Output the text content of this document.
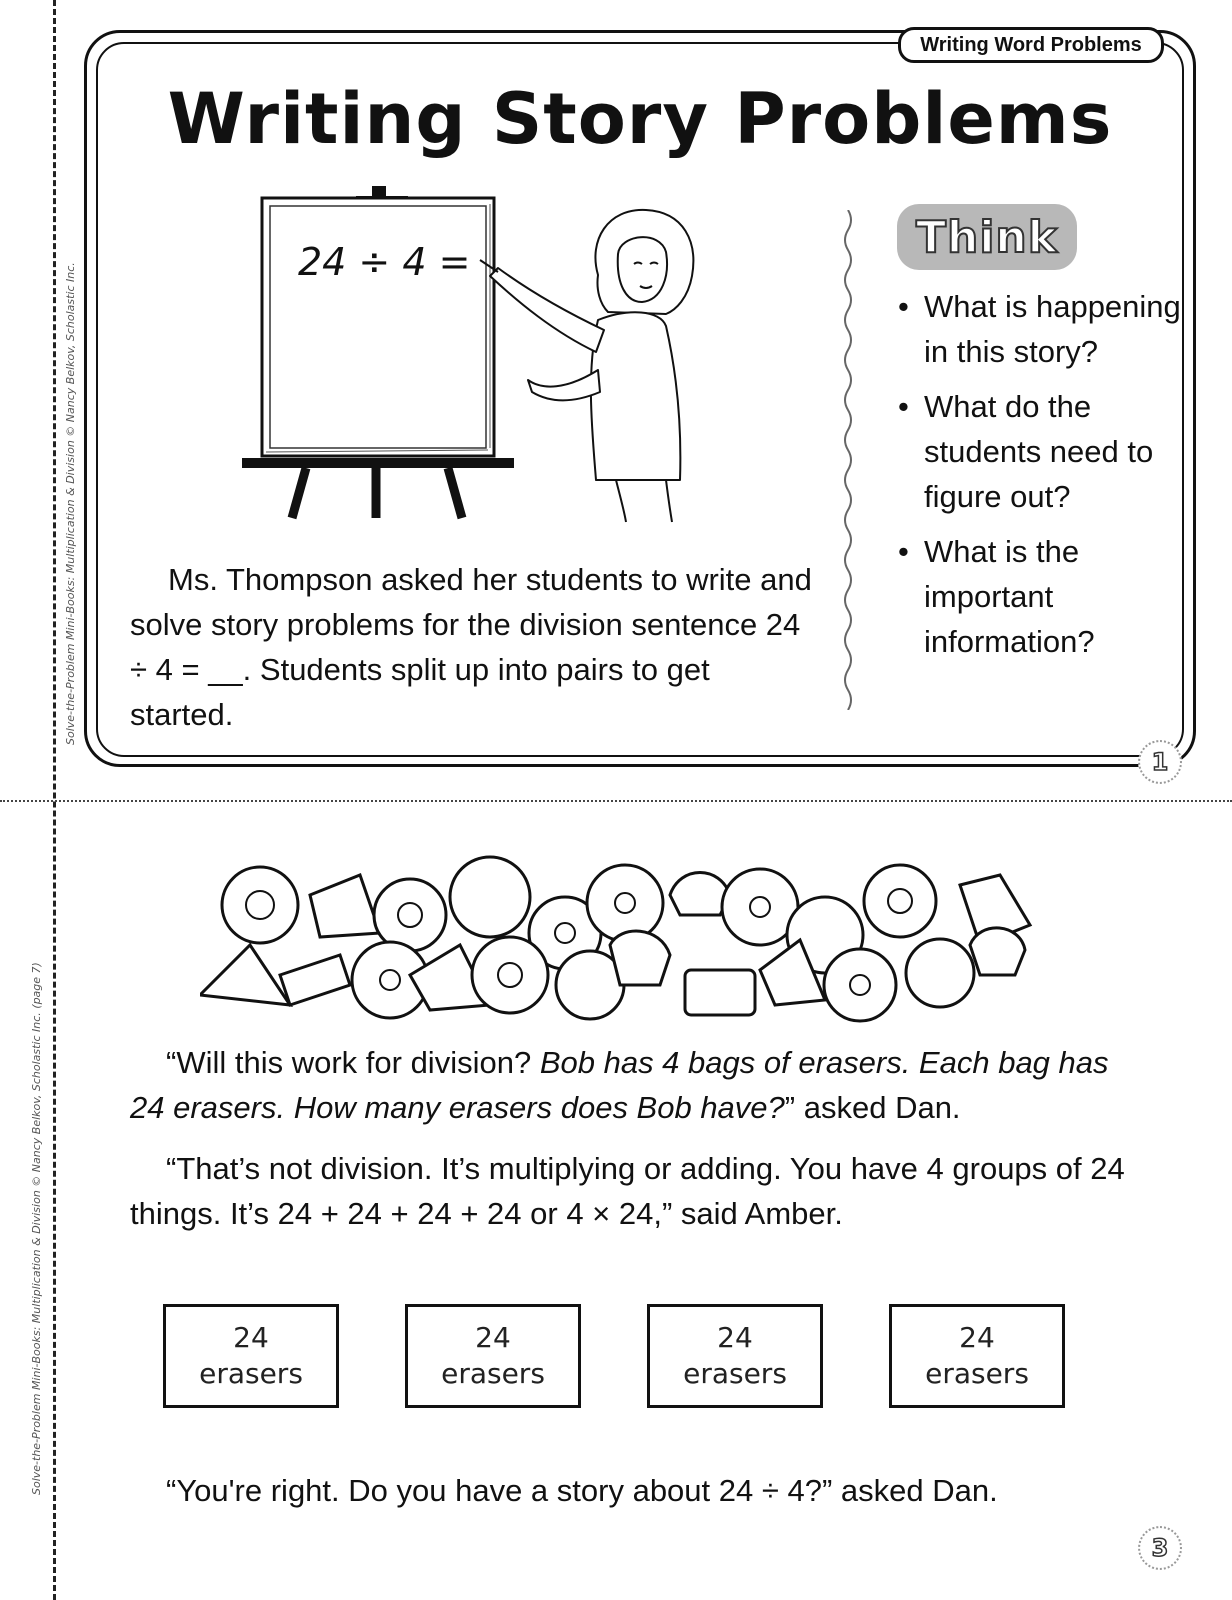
Solve-the-Problem Mini-Books: Multiplication & Division © Nancy Belkov, Scholastic Inc.
Solve-the-Problem Mini-Books: Multiplication & Division © Nancy Belkov, Scholastic Inc. (page 7)
Writing Word Problems
Writing Story Problems
24 ÷ 4 =

Ms. Thompson asked her students to write and solve story problems for the division sentence 24 ÷ 4 = __. Students split up into pairs to get started.

Think
• What is happening in this story?
• What do the students need to figure out?
• What is the important information?
1

“Will this work for division? Bob has 4 bags of erasers. Each bag has 24 erasers. How many erasers does Bob have?” asked Dan.

“That’s not division. It’s multiplying or adding. You have 4 groups of 24 things. It’s 24 + 24 + 24 + 24 or 4 × 24,” said Amber.

24
erasers
24
erasers
24
erasers
24
erasers

“You're right. Do you have a story about 24 ÷ 4?” asked Dan.

3
